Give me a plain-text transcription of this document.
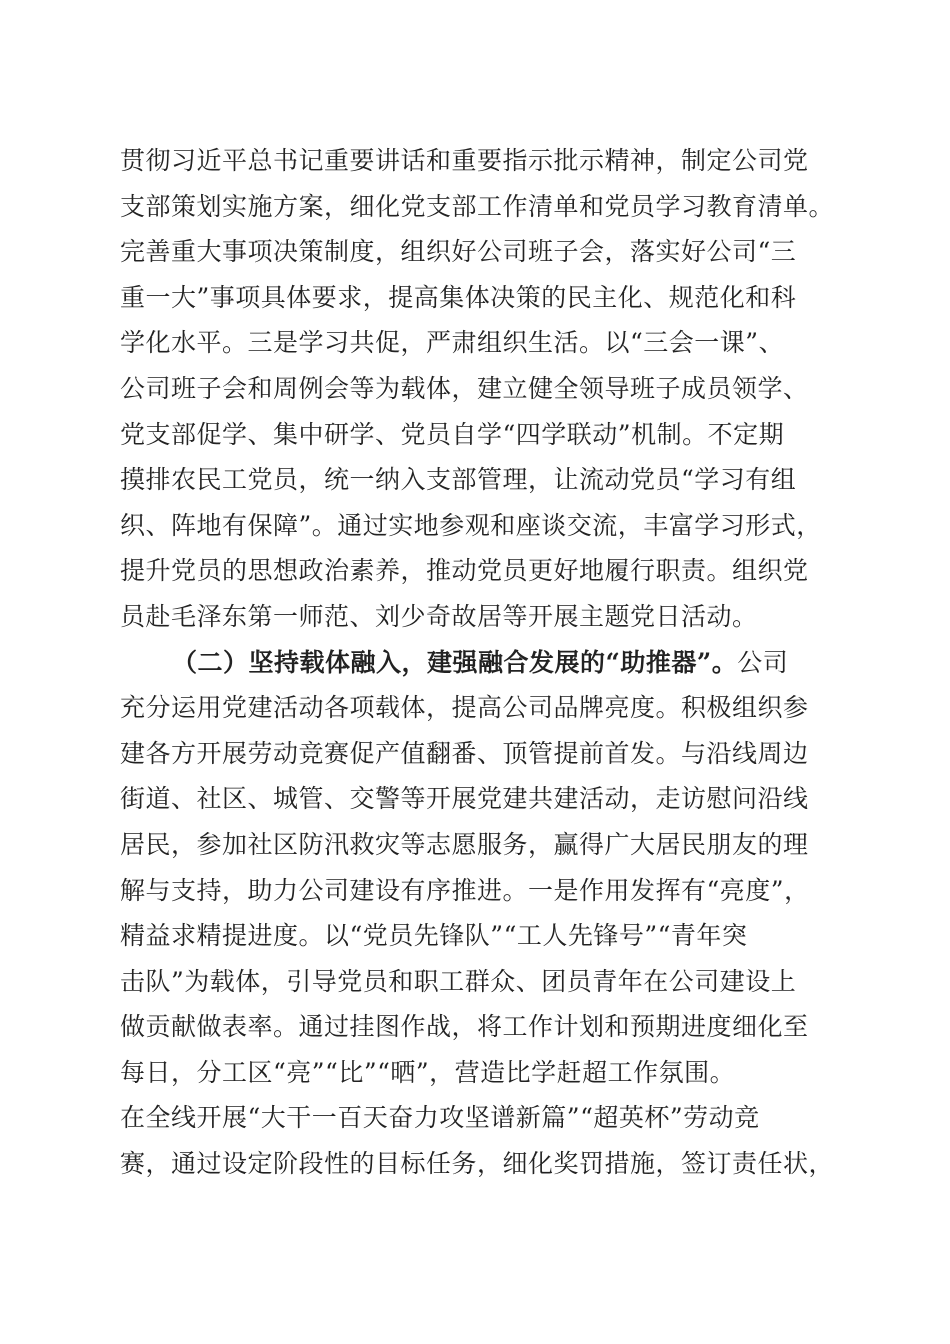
贯彻习近平总书记重要讲话和重要指示批示精神，制定公司党
支部策划实施方案，细化党支部工作清单和党员学习教育清单。
完善重大事项决策制度，组织好公司班子会，落实好公司“三
重一大”事项具体要求，提高集体决策的民主化、规范化和科
学化水平。三是学习共促，严肃组织生活。以“三会一课”、
公司班子会和周例会等为载体，建立健全领导班子成员领学、
党支部促学、集中研学、党员自学“四学联动”机制。不定期
摸排农民工党员，统一纳入支部管理，让流动党员“学习有组
织、阵地有保障”。通过实地参观和座谈交流，丰富学习形式，
提升党员的思想政治素养，推动党员更好地履行职责。组织党
员赴毛泽东第一师范、刘少奇故居等开展主题党日活动。
（二）坚持载体融入，建强融合发展的“助推器”。公司
充分运用党建活动各项载体，提高公司品牌亮度。积极组织参
建各方开展劳动竞赛促产值翻番、顶管提前首发。与沿线周边
街道、社区、城管、交警等开展党建共建活动，走访慰问沿线
居民，参加社区防汛救灾等志愿服务，赢得广大居民朋友的理
解与支持，助力公司建设有序推进。一是作用发挥有“亮度”，
精益求精提进度。以“党员先锋队”“工人先锋号”“青年突
击队”为载体，引导党员和职工群众、团员青年在公司建设上
做贡献做表率。通过挂图作战，将工作计划和预期进度细化至
每日，分工区“亮”“比”“晒”，营造比学赶超工作氛围。
在全线开展“大干一百天奋力攻坚谱新篇”“超英杯”劳动竞
赛，通过设定阶段性的目标任务，细化奖罚措施，签订责任状，
